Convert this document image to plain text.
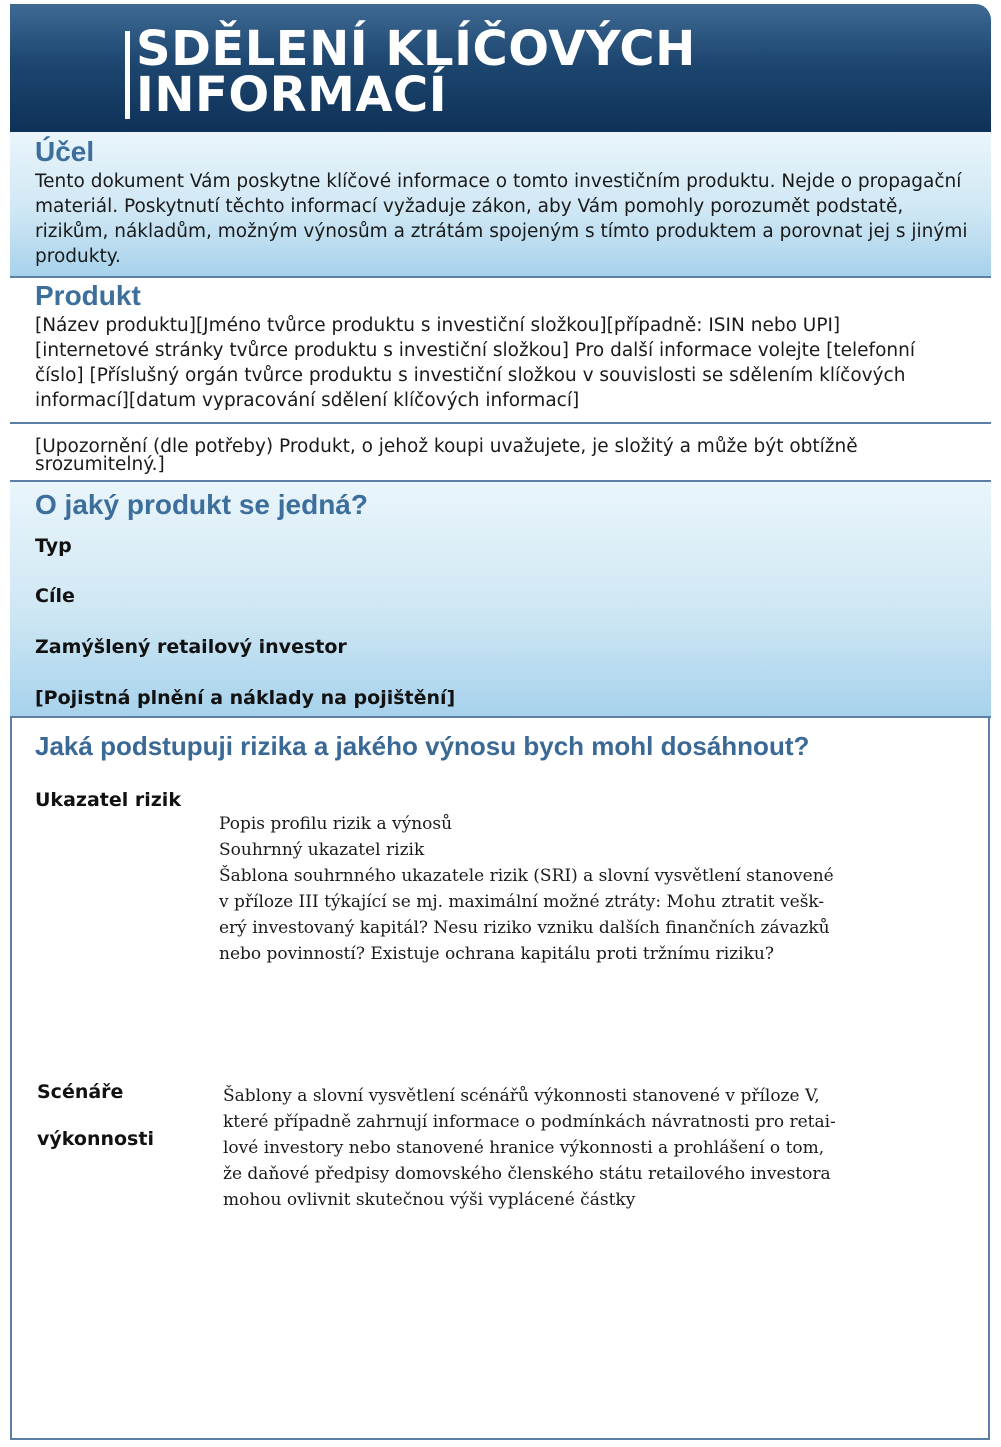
SDĚLENÍ KLÍČOVÝCH
INFORMACÍ
Účel

Tento dokument Vám poskytne klíčové informace o tomto investičním produktu. Nejde o propagační materiál. Poskytnutí těchto informací vyžaduje zákon, aby Vám pomohly porozumět podstatě, rizikům, nákladům, možným výnosům a ztrátám spojeným s tímto produktem a porovnat jej s jinými produkty.

Produkt

[Název produktu][Jméno tvůrce produktu s investiční složkou][případně: ISIN nebo UPI] [internetové stránky tvůrce produktu s investiční složkou] Pro další informace volejte [telefonní číslo] [Příslušný orgán tvůrce produktu s investiční složkou v souvislosti se sdělením klíčových informací][datum vypracování sdělení klíčových informací]

[Upozornění (dle potřeby) Produkt, o jehož koupi uvažujete, je složitý a může být obtížně srozumitelný.]

O jaký produkt se jedná?

Typ

Cíle

Zamýšlený retailový investor

[Pojistná plnění a náklady na pojištění]

Jaká podstupuji rizika a jakého výnosu bych mohl dosáhnout?

Ukazatel rizik

Popis profilu rizik a výnosů
Souhrnný ukazatel rizik
Šablona souhrnného ukazatele rizik (SRI) a slovní vysvětlení stanovené
v příloze III týkající se mj. maximální možné ztráty: Mohu ztratit vešk-
erý investovaný kapitál? Nesu riziko vzniku dalších finančních závazků
nebo povinností? Existuje ochrana kapitálu proti tržnímu riziku?

Scénáře

výkonnosti

Šablony a slovní vysvětlení scénářů výkonnosti stanovené v příloze V,
které případně zahrnují informace o podmínkách návratnosti pro retai-
lové investory nebo stanovené hranice výkonnosti a prohlášení o tom,
že daňové předpisy domovského členského státu retailového investora
mohou ovlivnit skutečnou výši vyplácené částky
